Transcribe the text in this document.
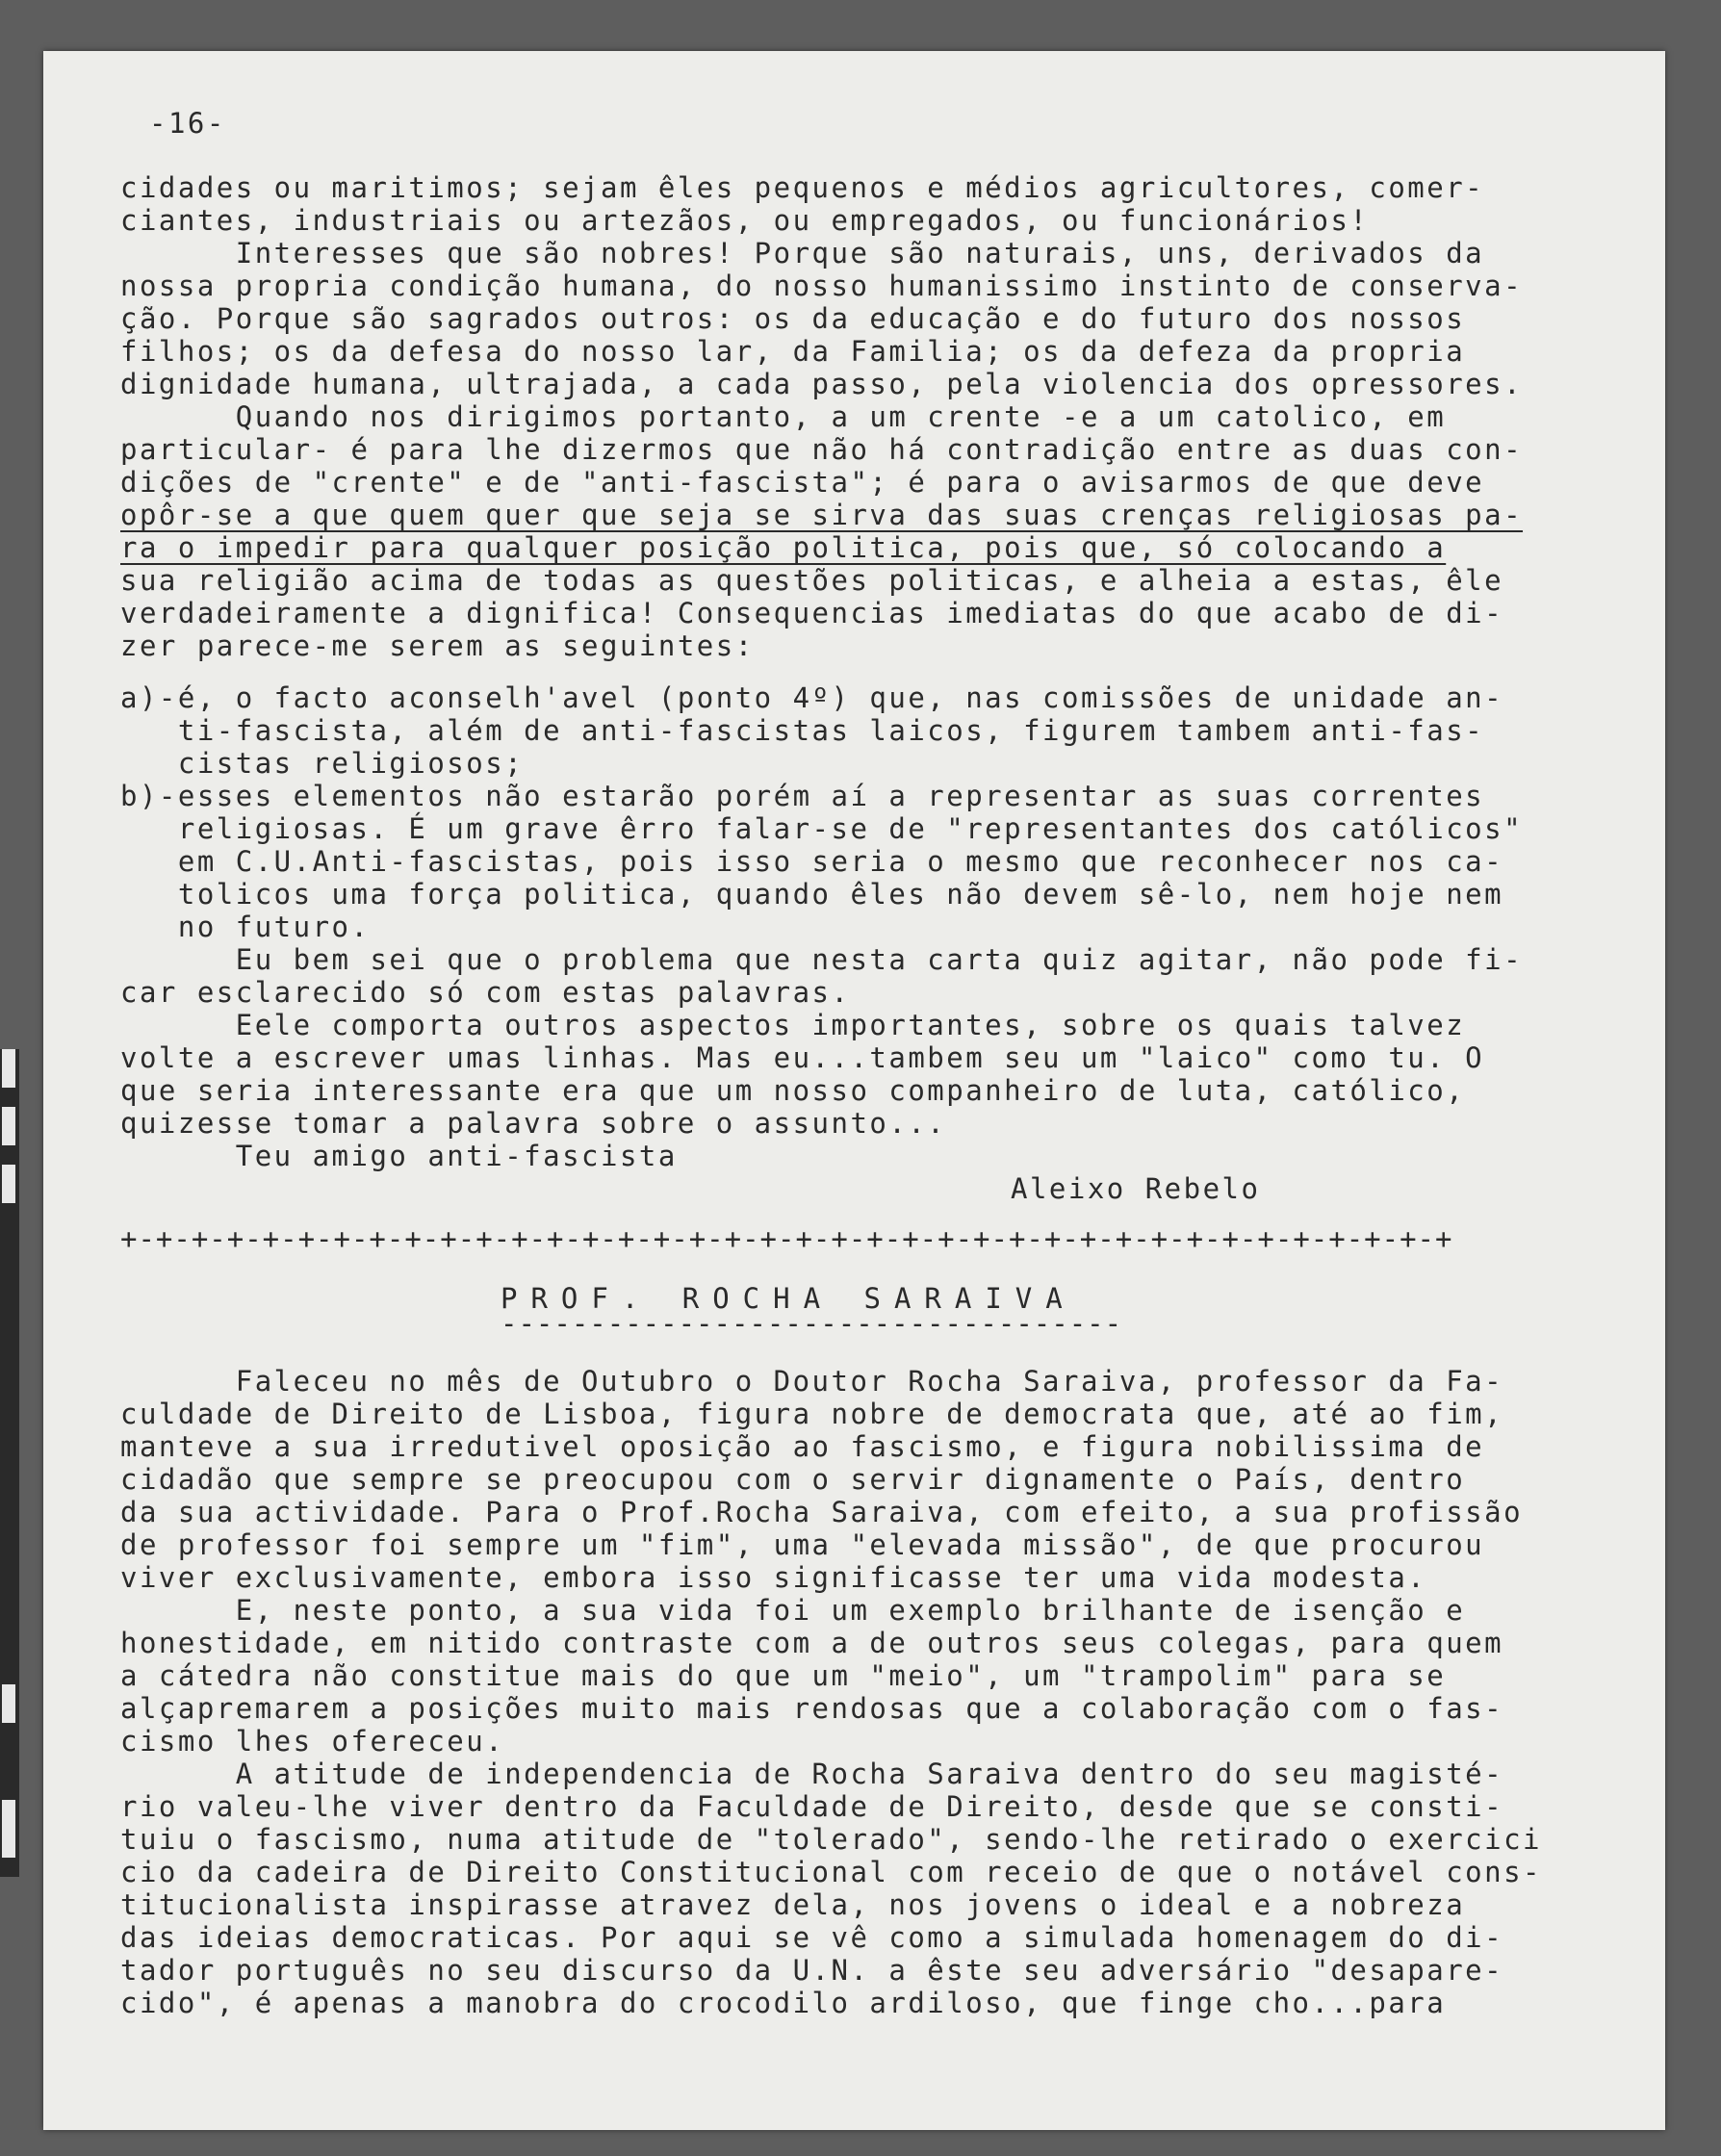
-16-
cidades ou maritimos; sejam êles pequenos e médios agricultores, comer-
ciantes, industriais ou artezãos, ou empregados, ou funcionários!
Interesses que são nobres! Porque são naturais, uns, derivados da
nossa propria condição humana, do nosso humanissimo instinto de conserva-
ção. Porque são sagrados outros: os da educação e do futuro dos nossos
filhos; os da defesa do nosso lar, da Familia; os da defeza da propria
dignidade humana, ultrajada, a cada passo, pela violencia dos opressores.
Quando nos dirigimos portanto, a um crente -e a um catolico, em
particular- é para lhe dizermos que não há contradição entre as duas con-
dições de "crente" e de "anti-fascista"; é para o avisarmos de que deve
opôr-se a que quem quer que seja se sirva das suas crenças religiosas pa-
ra o impedir para qualquer posição politica, pois que, só colocando a
sua religião acima de todas as questões politicas, e alheia a estas, êle
verdadeiramente a dignifica! Consequencias imediatas do que acabo de di-
zer parece-me serem as seguintes:
a)-é, o facto aconselh'avel (ponto 4º) que, nas comissões de unidade an-
ti-fascista, além de anti-fascistas laicos, figurem tambem anti-fas-
cistas religiosos;
b)-esses elementos não estarão porém aí a representar as suas correntes
religiosas. É um grave êrro falar-se de "representantes dos católicos"
em C.U.Anti-fascistas, pois isso seria o mesmo que reconhecer nos ca-
tolicos uma força politica, quando êles não devem sê-lo, nem hoje nem
no futuro.
Eu bem sei que o problema que nesta carta quiz agitar, não pode fi-
car esclarecido só com estas palavras.
Eele comporta outros aspectos importantes, sobre os quais talvez
volte a escrever umas linhas. Mas eu...tambem seu um "laico" como tu. O
que seria interessante era que um nosso companheiro de luta, católico,
quizesse tomar a palavra sobre o assunto...
Teu amigo anti-fascista
Aleixo Rebelo
+-+-+-+-+-+-+-+-+-+-+-+-+-+-+-+-+-+-+-+-+-+-+-+-+-+-+-+-+-+-+-+-+-+-+-+-+-+
PROF. ROCHA SARAIVA
-----------------------------------
Faleceu no mês de Outubro o Doutor Rocha Saraiva, professor da Fa-
culdade de Direito de Lisboa, figura nobre de democrata que, até ao fim,
manteve a sua irredutivel oposição ao fascismo, e figura nobilissima de
cidadão que sempre se preocupou com o servir dignamente o País, dentro
da sua actividade. Para o Prof.Rocha Saraiva, com efeito, a sua profissão
de professor foi sempre um "fim", uma "elevada missão", de que procurou
viver exclusivamente, embora isso significasse ter uma vida modesta.
E, neste ponto, a sua vida foi um exemplo brilhante de isenção e
honestidade, em nitido contraste com a de outros seus colegas, para quem
a cátedra não constitue mais do que um "meio", um "trampolim" para se
alçapremarem a posições muito mais rendosas que a colaboração com o fas-
cismo lhes ofereceu.
A atitude de independencia de Rocha Saraiva dentro do seu magisté-
rio valeu-lhe viver dentro da Faculdade de Direito, desde que se consti-
tuiu o fascismo, numa atitude de "tolerado", sendo-lhe retirado o exercici
cio da cadeira de Direito Constitucional com receio de que o notável cons-
titucionalista inspirasse atravez dela, nos jovens o ideal e a nobreza
das ideias democraticas. Por aqui se vê como a simulada homenagem do di-
tador português no seu discurso da U.N. a êste seu adversário "desapare-
cido", é apenas a manobra do crocodilo ardiloso, que finge cho...para
